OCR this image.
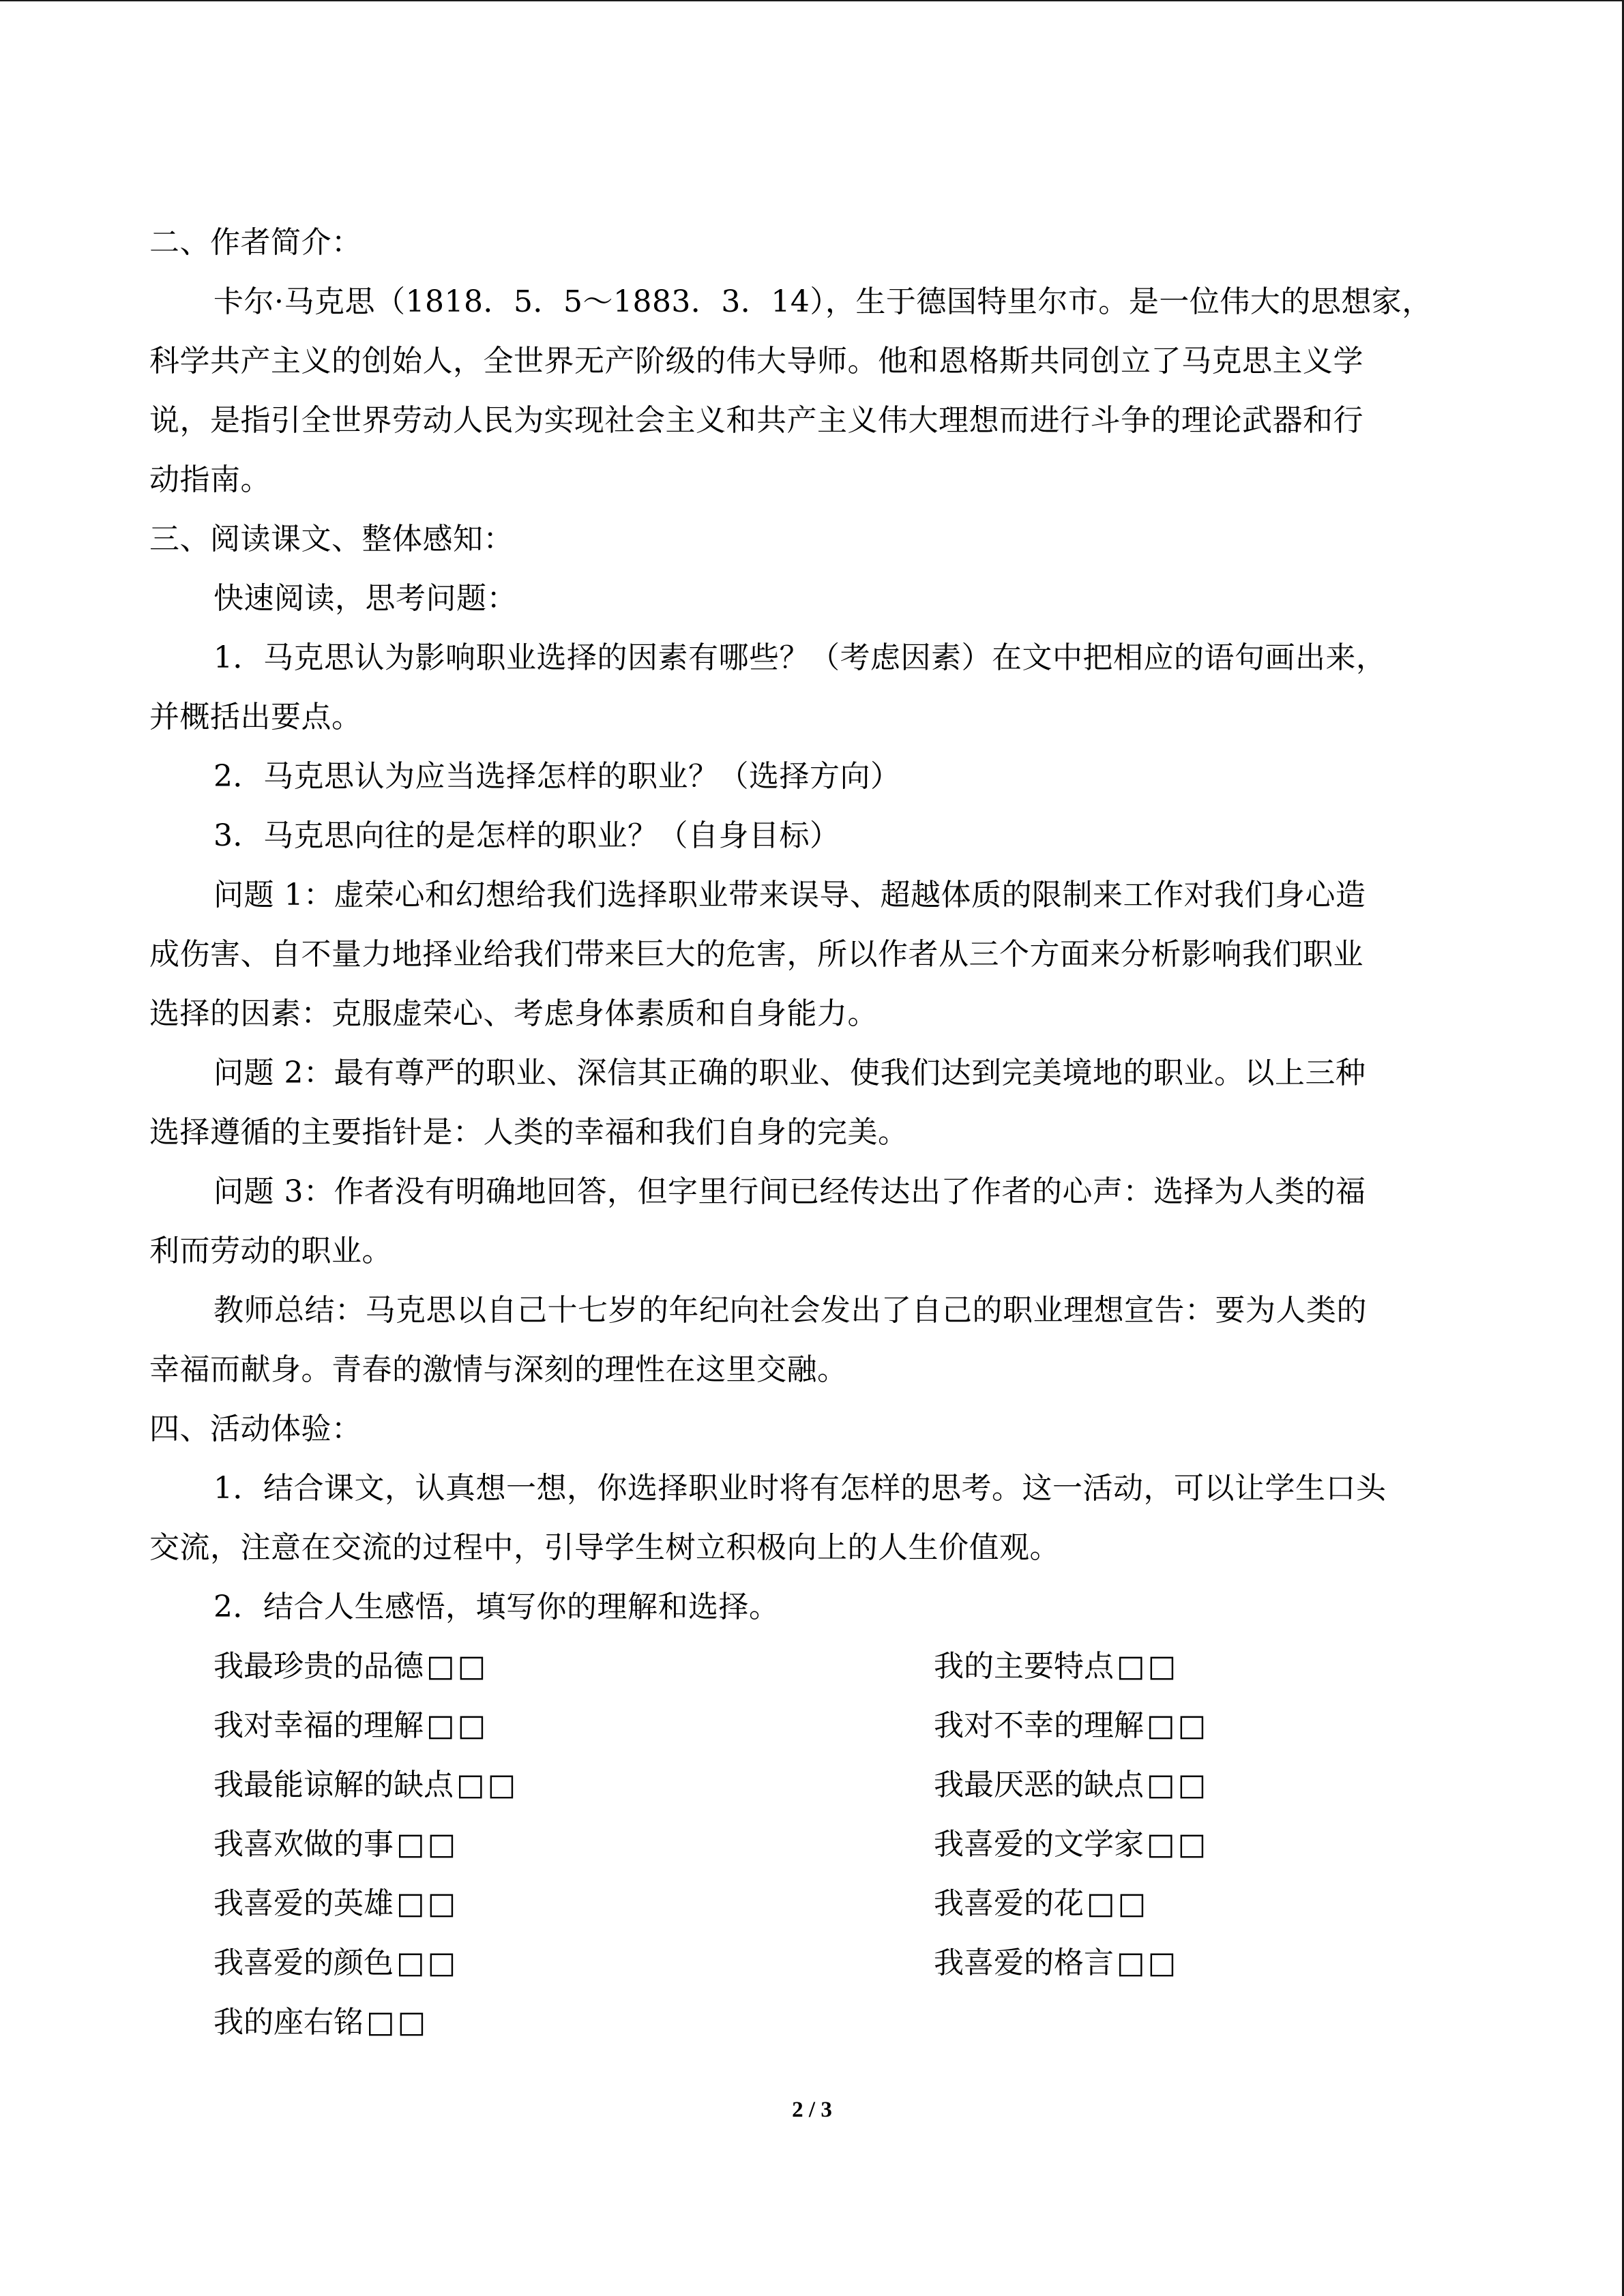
二、作者简介：
卡尔·马克思（1818．5．5～1883．3．14），生于德国特里尔市。是一位伟大的思想家，
科学共产主义的创始人，全世界无产阶级的伟大导师。他和恩格斯共同创立了马克思主义学
说，是指引全世界劳动人民为实现社会主义和共产主义伟大理想而进行斗争的理论武器和行
动指南。
三、阅读课文、整体感知：
快速阅读，思考问题：
1．马克思认为影响职业选择的因素有哪些？（考虑因素）在文中把相应的语句画出来，
并概括出要点。
2．马克思认为应当选择怎样的职业？（选择方向）
3．马克思向往的是怎样的职业？（自身目标）
问题 1：虚荣心和幻想给我们选择职业带来误导、超越体质的限制来工作对我们身心造
成伤害、自不量力地择业给我们带来巨大的危害，所以作者从三个方面来分析影响我们职业
选择的因素：克服虚荣心、考虑身体素质和自身能力。
问题 2：最有尊严的职业、深信其正确的职业、使我们达到完美境地的职业。以上三种
选择遵循的主要指针是：人类的幸福和我们自身的完美。
问题 3：作者没有明确地回答，但字里行间已经传达出了作者的心声：选择为人类的福
利而劳动的职业。
教师总结：马克思以自己十七岁的年纪向社会发出了自己的职业理想宣告：要为人类的
幸福而献身。青春的激情与深刻的理性在这里交融。
四、活动体验：
1．结合课文，认真想一想，你选择职业时将有怎样的思考。这一活动，可以让学生口头
交流，注意在交流的过程中，引导学生树立积极向上的人生价值观。
2．结合人生感悟，填写你的理解和选择。
我最珍贵的品德□□	我的主要特点□□
我对幸福的理解□□	我对不幸的理解□□
我最能谅解的缺点□□	我最厌恶的缺点□□
我喜欢做的事□□	我喜爱的文学家□□
我喜爱的英雄□□	我喜爱的花□□
我喜爱的颜色□□	我喜爱的格言□□
我的座右铭□□
2 / 3
